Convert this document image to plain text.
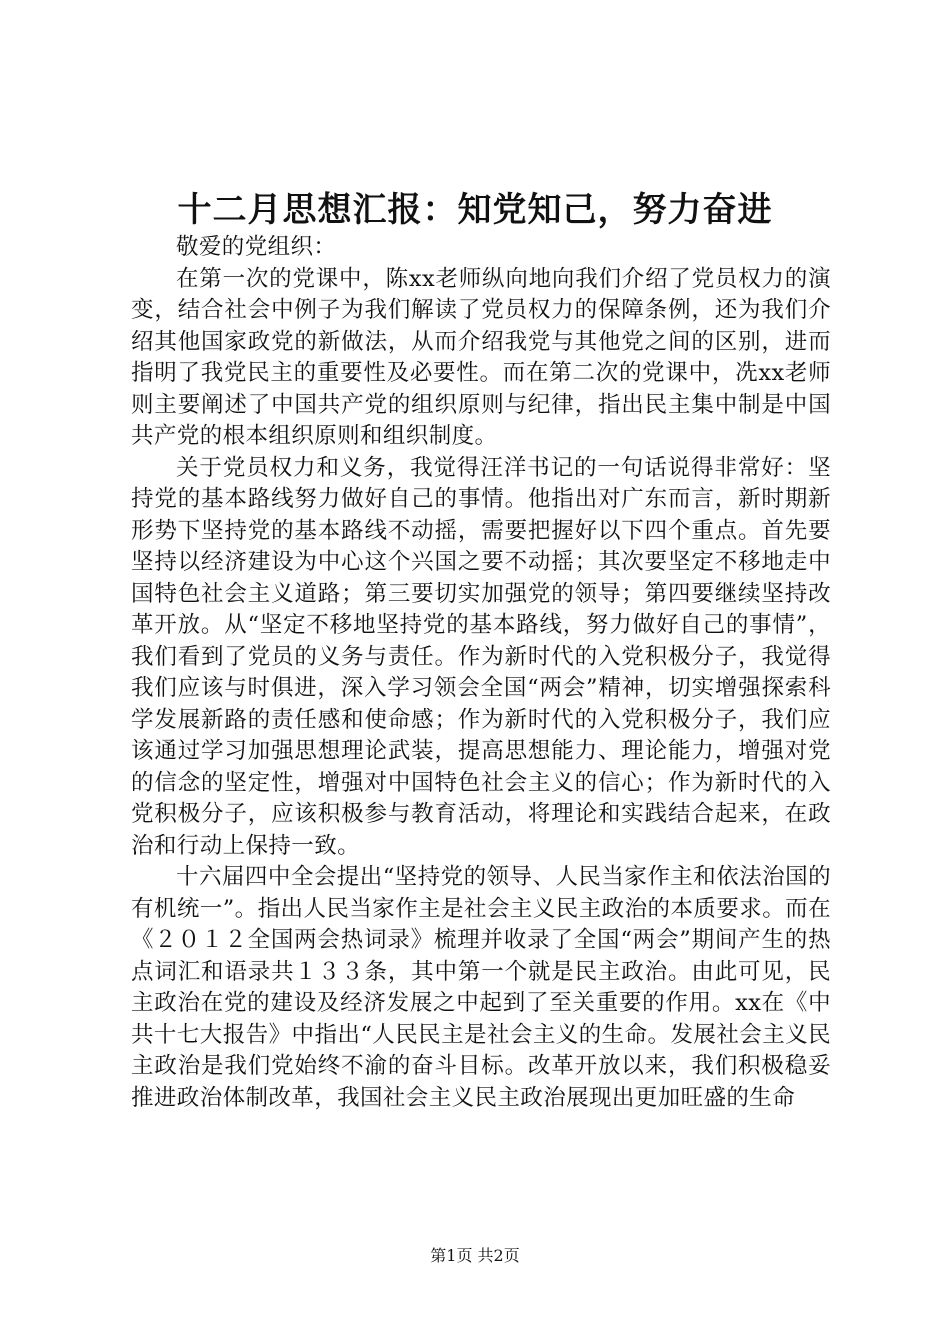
十二月思想汇报：知党知己，努力奋进

敬爱的党组织：

在第一次的党课中，陈xx老师纵向地向我们介绍了党员权力的演变，结合社会中例子为我们解读了党员权力的保障条例，还为我们介绍其他国家政党的新做法，从而介绍我党与其他党之间的区别，进而指明了我党民主的重要性及必要性。而在第二次的党课中，冼xx老师则主要阐述了中国共产党的组织原则与纪律，指出民主集中制是中国共产党的根本组织原则和组织制度。

关于党员权力和义务，我觉得汪洋书记的一句话说得非常好：坚持党的基本路线努力做好自己的事情。他指出对广东而言，新时期新形势下坚持党的基本路线不动摇，需要把握好以下四个重点。首先要坚持以经济建设为中心这个兴国之要不动摇；其次要坚定不移地走中国特色社会主义道路；第三要切实加强党的领导；第四要继续坚持改革开放。从“坚定不移地坚持党的基本路线，努力做好自己的事情”，我们看到了党员的义务与责任。作为新时代的入党积极分子，我觉得我们应该与时俱进，深入学习领会全国“两会”精神，切实增强探索科学发展新路的责任感和使命感；作为新时代的入党积极分子，我们应该通过学习加强思想理论武装，提高思想能力、理论能力，增强对党的信念的坚定性，增强对中国特色社会主义的信心；作为新时代的入党积极分子，应该积极参与教育活动，将理论和实践结合起来，在政治和行动上保持一致。

十六届四中全会提出“坚持党的领导、人民当家作主和依法治国的有机统一”。指出人民当家作主是社会主义民主政治的本质要求。而在《２０１２全国两会热词录》梳理并收录了全国“两会”期间产生的热点词汇和语录共１３３条，其中第一个就是民主政治。由此可见，民主政治在党的建设及经济发展之中起到了至关重要的作用。xx在《中共十七大报告》中指出“人民民主是社会主义的生命。发展社会主义民主政治是我们党始终不渝的奋斗目标。改革开放以来，我们积极稳妥推进政治体制改革，我国社会主义民主政治展现出更加旺盛的生命

第1页 共2页
